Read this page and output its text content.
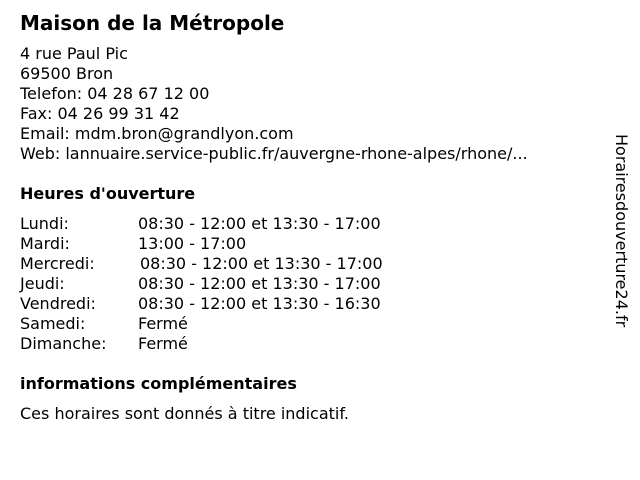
Maison de la Métropole
4 rue Paul Pic
69500 Bron
Telefon: 04 28 67 12 00
Fax: 04 26 99 31 42
Email: mdm.bron@grandlyon.com
Web: lannuaire.service-public.fr/auvergne-rhone-alpes/rhone/...
Heures d'ouverture
Lundi:	08:30 - 12:00 et 13:30 - 17:00
Mardi:	13:00 - 17:00
Mercredi:	08:30 - 12:00 et 13:30 - 17:00
Jeudi:	08:30 - 12:00 et 13:30 - 17:00
Vendredi:	08:30 - 12:00 et 13:30 - 16:30
Samedi:	Fermé
Dimanche: Fermé
informations complémentaires
Ces horaires sont donnés à titre indicatif.
Horairesdouverture24.fr
